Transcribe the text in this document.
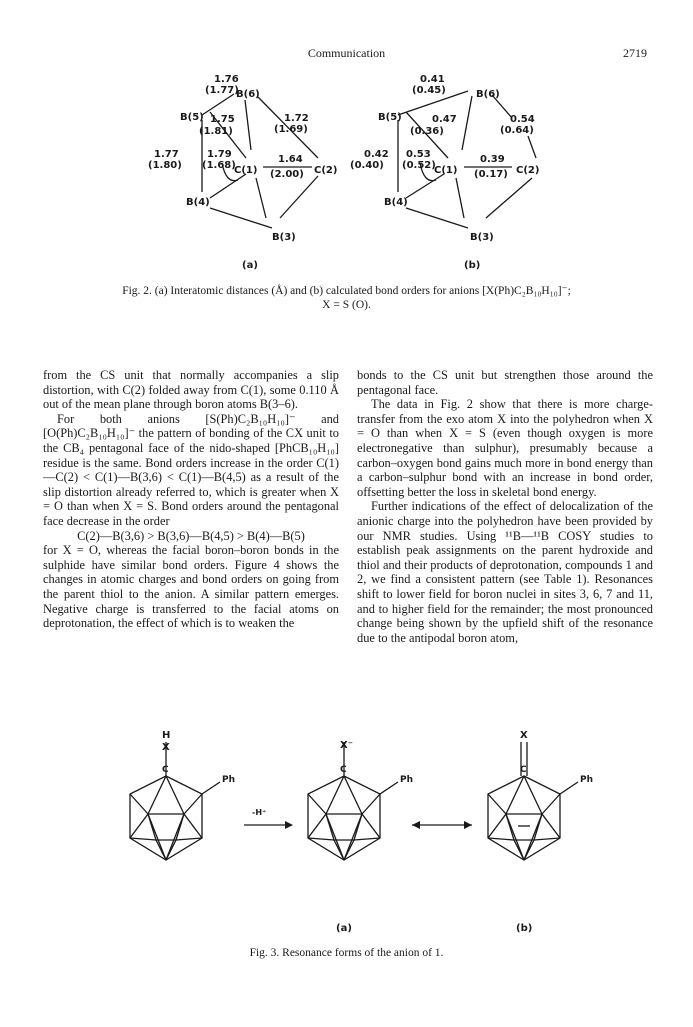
Communication	2719
B(6)
B(5)
C(1)	C(2)
B(4)
B(3)
1.76
(1.77)
1.75
(1.81)
1.72
(1.69)
1.77
(1.80)
1.79
(1.68)
1.64
(2.00)
(a)
B(6)
B(5)
C(1)	C(2)
B(4)
B(3)
0.41
(0.45)
0.47
(0.36)
0.54
(0.64)
0.42
(0.40)
0.53
(0.52)
0.39
(0.17)
(b)
Fig. 2. (a) Interatomic distances (Å) and (b) calculated bond orders for anions [X(Ph)C₂B₁₀H₁₀]⁻;
X = S (O).

from the CS unit that normally accompanies a slip distortion, with C(2) folded away from C(1), some 0.110 Å out of the mean plane through boron atoms B(3–6).

For both anions [S(Ph)C₂B₁₀H₁₀]⁻ and [O(Ph)C₂B₁₀H₁₀]⁻ the pattern of bonding of the CX unit to the CB₄ pentagonal face of the nido-shaped [PhCB₁₀H₁₀] residue is the same. Bond orders increase in the order C(1)—C(2) < C(1)—B(3,6) < C(1)—B(4,5) as a result of the slip distortion already referred to, which is greater when X = O than when X = S. Bond orders around the pentagonal face decrease in the order

C(2)—B(3,6) > B(3,6)—B(4,5) > B(4)—B(5)

for X = O, whereas the facial boron–boron bonds in the sulphide have similar bond orders. Figure 4 shows the changes in atomic charges and bond orders on going from the parent thiol to the anion. A similar pattern emerges. Negative charge is transferred to the facial atoms on deprotonation, the effect of which is to weaken the

bonds to the CS unit but strengthen those around the pentagonal face.

The data in Fig. 2 show that there is more charge-transfer from the exo atom X into the polyhedron when X = O than when X = S (even though oxygen is more electronegative than sulphur), presumably because a carbon–oxygen bond gains much more in bond energy than a carbon–sulphur bond with an increase in bond order, offsetting better the loss in skeletal bond energy.

Further indications of the effect of delocalization of the anionic charge into the polyhedron have been provided by our NMR studies. Using ¹¹B—¹¹B COSY studies to establish peak assignments on the parent hydroxide and thiol and their products of deprotonation, compounds 1 and 2, we find a consistent pattern (see Table 1). Resonances shift to lower field for boron nuclei in sites 3, 6, 7 and 11, and to higher field for the remainder; the most pronounced change being shown by the upfield shift of the resonance due to the antipodal boron atom,

H
X
C
Ph
-H⁺
X⁻
C
Ph
X
C
Ph
(a)	(b)
Fig. 3. Resonance forms of the anion of 1.
